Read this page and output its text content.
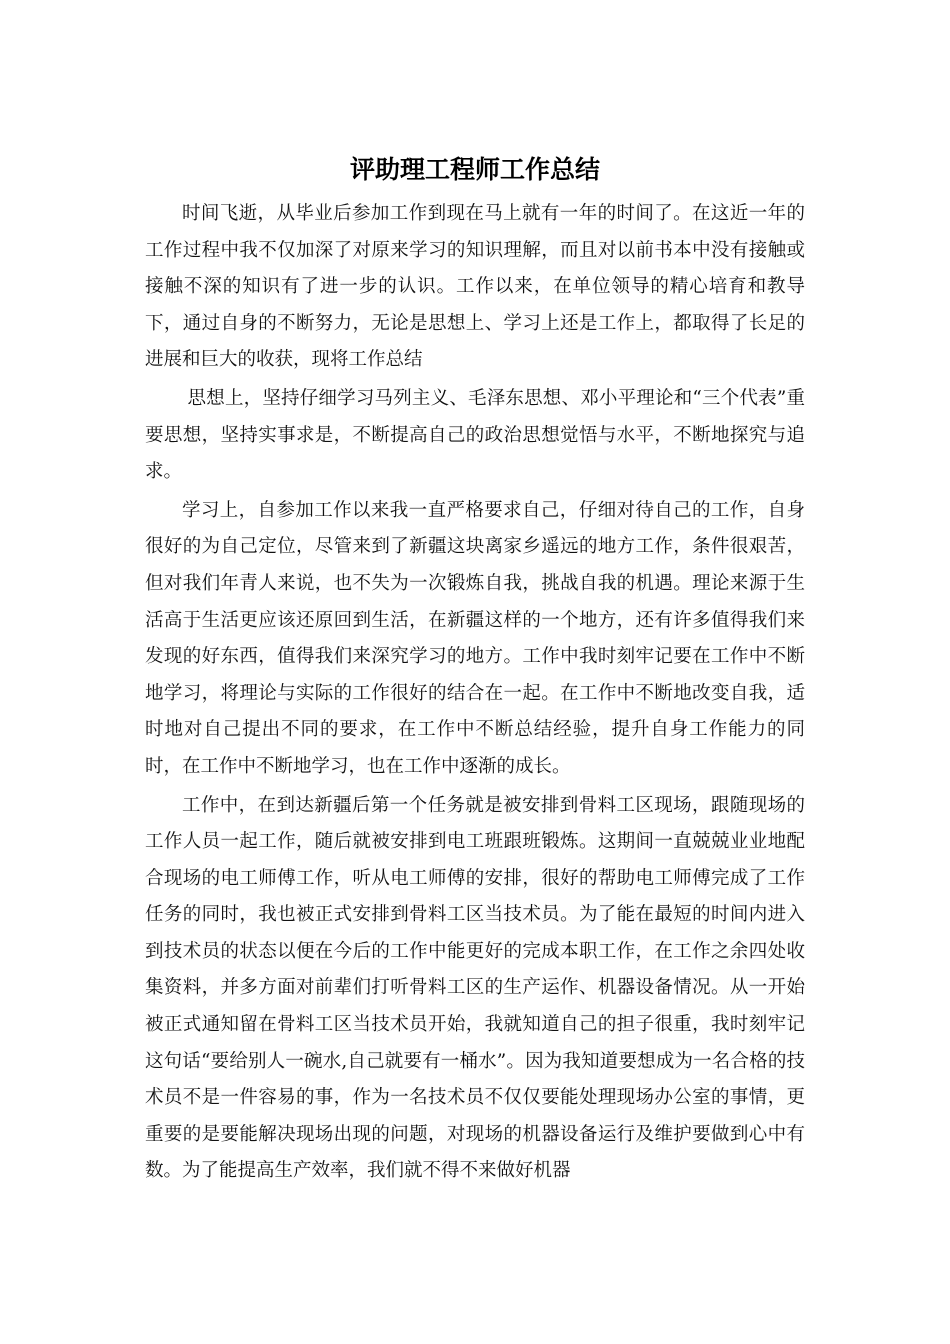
评助理工程师工作总结

时间飞逝，从毕业后参加工作到现在马上就有一年的时间了。在这近一年的工作过程中我不仅加深了对原来学习的知识理解，而且对以前书本中没有接触或接触不深的知识有了进一步的认识。工作以来，在单位领导的精心培育和教导下，通过自身的不断努力，无论是思想上、学习上还是工作上，都取得了长足的进展和巨大的收获，现将工作总结

思想上，坚持仔细学习马列主义、毛泽东思想、邓小平理论和“三个代表”重要思想，坚持实事求是，不断提高自己的政治思想觉悟与水平，不断地探究与追求。

学习上，自参加工作以来我一直严格要求自己，仔细对待自己的工作，自身很好的为自己定位，尽管来到了新疆这块离家乡遥远的地方工作，条件很艰苦，但对我们年青人来说，也不失为一次锻炼自我，挑战自我的机遇。理论来源于生活高于生活更应该还原回到生活，在新疆这样的一个地方，还有许多值得我们来发现的好东西，值得我们来深究学习的地方。工作中我时刻牢记要在工作中不断地学习，将理论与实际的工作很好的结合在一起。在工作中不断地改变自我，适时地对自己提出不同的要求，在工作中不断总结经验，提升自身工作能力的同时，在工作中不断地学习，也在工作中逐渐的成长。

工作中，在到达新疆后第一个任务就是被安排到骨料工区现场，跟随现场的工作人员一起工作，随后就被安排到电工班跟班锻炼。这期间一直兢兢业业地配合现场的电工师傅工作，听从电工师傅的安排，很好的帮助电工师傅完成了工作任务的同时，我也被正式安排到骨料工区当技术员。为了能在最短的时间内进入到技术员的状态以便在今后的工作中能更好的完成本职工作，在工作之余四处收集资料，并多方面对前辈们打听骨料工区的生产运作、机器设备情况。从一开始被正式通知留在骨料工区当技术员开始，我就知道自己的担子很重，我时刻牢记这句话“要给别人一碗水,自己就要有一桶水”。因为我知道要想成为一名合格的技术员不是一件容易的事，作为一名技术员不仅仅要能处理现场办公室的事情，更重要的是要能解决现场出现的问题，对现场的机器设备运行及维护要做到心中有数。为了能提高生产效率，我们就不得不来做好机器
